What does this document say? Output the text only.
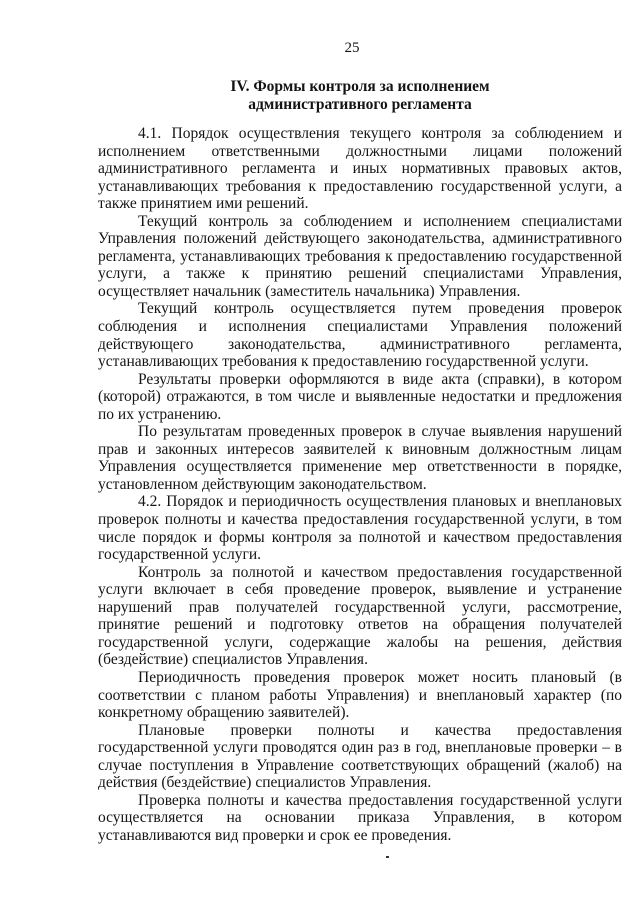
25
IV. Формы контроля за исполнением
административного регламента

4.1. Порядок осуществления текущего контроля за соблюдением и исполнением ответственными должностными лицами положений административного регламента и иных нормативных правовых актов, устанавливающих требования к предоставлению государственной услуги, а также принятием ими решений.

Текущий контроль за соблюдением и исполнением специалистами Управления положений действующего законодательства, административного регламента, устанавливающих требования к предоставлению государственной услуги, а также к принятию решений специалистами Управления, осуществляет начальник (заместитель начальника) Управления.

Текущий контроль осуществляется путем проведения проверок соблюдения и исполнения специалистами Управления положений действующего законодательства, административного регламента, устанавливающих требования к предоставлению государственной услуги.

Результаты проверки оформляются в виде акта (справки), в котором (которой) отражаются, в том числе и выявленные недостатки и предложения по их устранению.

По результатам проведенных проверок в случае выявления нарушений прав и законных интересов заявителей к виновным должностным лицам Управления осуществляется применение мер ответственности в порядке, установленном действующим законодательством.

4.2. Порядок и периодичность осуществления плановых и внеплановых проверок полноты и качества предоставления государственной услуги, в том числе порядок и формы контроля за полнотой и качеством предоставления государственной услуги.

Контроль за полнотой и качеством предоставления государственной услуги включает в себя проведение проверок, выявление и устранение нарушений прав получателей государственной услуги, рассмотрение, принятие решений и подготовку ответов на обращения получателей государственной услуги, содержащие жалобы на решения, действия (бездействие) специалистов Управления.

Периодичность проведения проверок может носить плановый (в соответствии с планом работы Управления) и внеплановый характер (по конкретному обращению заявителей).

Плановые проверки полноты и качества предоставления государственной услуги проводятся один раз в год, внеплановые проверки – в случае поступления в Управление соответствующих обращений (жалоб) на действия (бездействие) специалистов Управления.

Проверка полноты и качества предоставления государственной услуги осуществляется на основании приказа Управления, в котором устанавливаются вид проверки и срок ее проведения.
